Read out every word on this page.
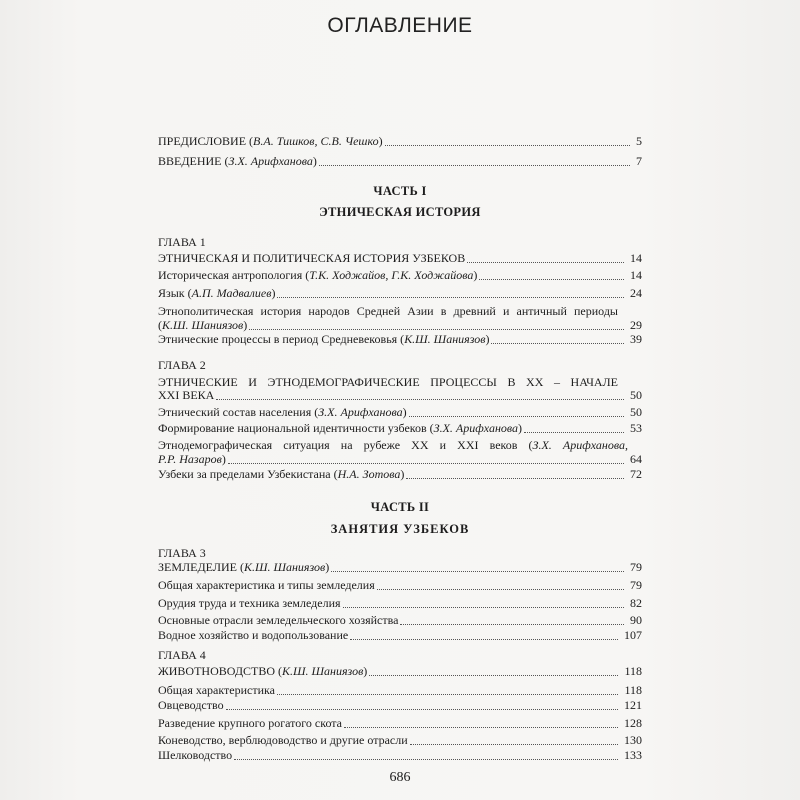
ОГЛАВЛЕНИЕ
ПРЕДИСЛОВИЕ (В.А. Тишков, С.В. Чешко)	5
ВВЕДЕНИЕ (З.Х. Арифханова)	7
ЧАСТЬ I
ЭТНИЧЕСКАЯ ИСТОРИЯ
ГЛАВА 1
ЭТНИЧЕСКАЯ И ПОЛИТИЧЕСКАЯ ИСТОРИЯ УЗБЕКОВ	14
Историческая антропология (Т.К. Ходжайов, Г.К. Ходжайова)	14
Язык (А.П. Мадвалиев)	24
Этнополитическая история народов Средней Азии в древний и античный периоды
(К.Ш. Шаниязов)	29
Этнические процессы в период Средневековья (К.Ш. Шаниязов)	39
ГЛАВА 2
ЭТНИЧЕСКИЕ И ЭТНОДЕМОГРАФИЧЕСКИЕ ПРОЦЕССЫ В XX – НАЧАЛЕ
XXI ВЕКА	50
Этнический состав населения (З.Х. Арифханова)	50
Формирование национальной идентичности узбеков (З.Х. Арифханова)	53
Этнодемографическая ситуация на рубеже XX и XXI веков (З.Х. Арифханова,
Р.Р. Назаров)	64
Узбеки за пределами Узбекистана (Н.А. Зотова)	72
ЧАСТЬ II
ЗАНЯТИЯ УЗБЕКОВ
ГЛАВА 3
ЗЕМЛЕДЕЛИЕ (К.Ш. Шаниязов)	79
Общая характеристика и типы земледелия	79
Орудия труда и техника земледелия	82
Основные отрасли земледельческого хозяйства	90
Водное хозяйство и водопользование	107
ГЛАВА 4
ЖИВОТНОВОДСТВО (К.Ш. Шаниязов)	118
Общая характеристика	118
Овцеводство	121
Разведение крупного рогатого скота	128
Коневодство, верблюдоводство и другие отрасли	130
Шелководство	133
686
